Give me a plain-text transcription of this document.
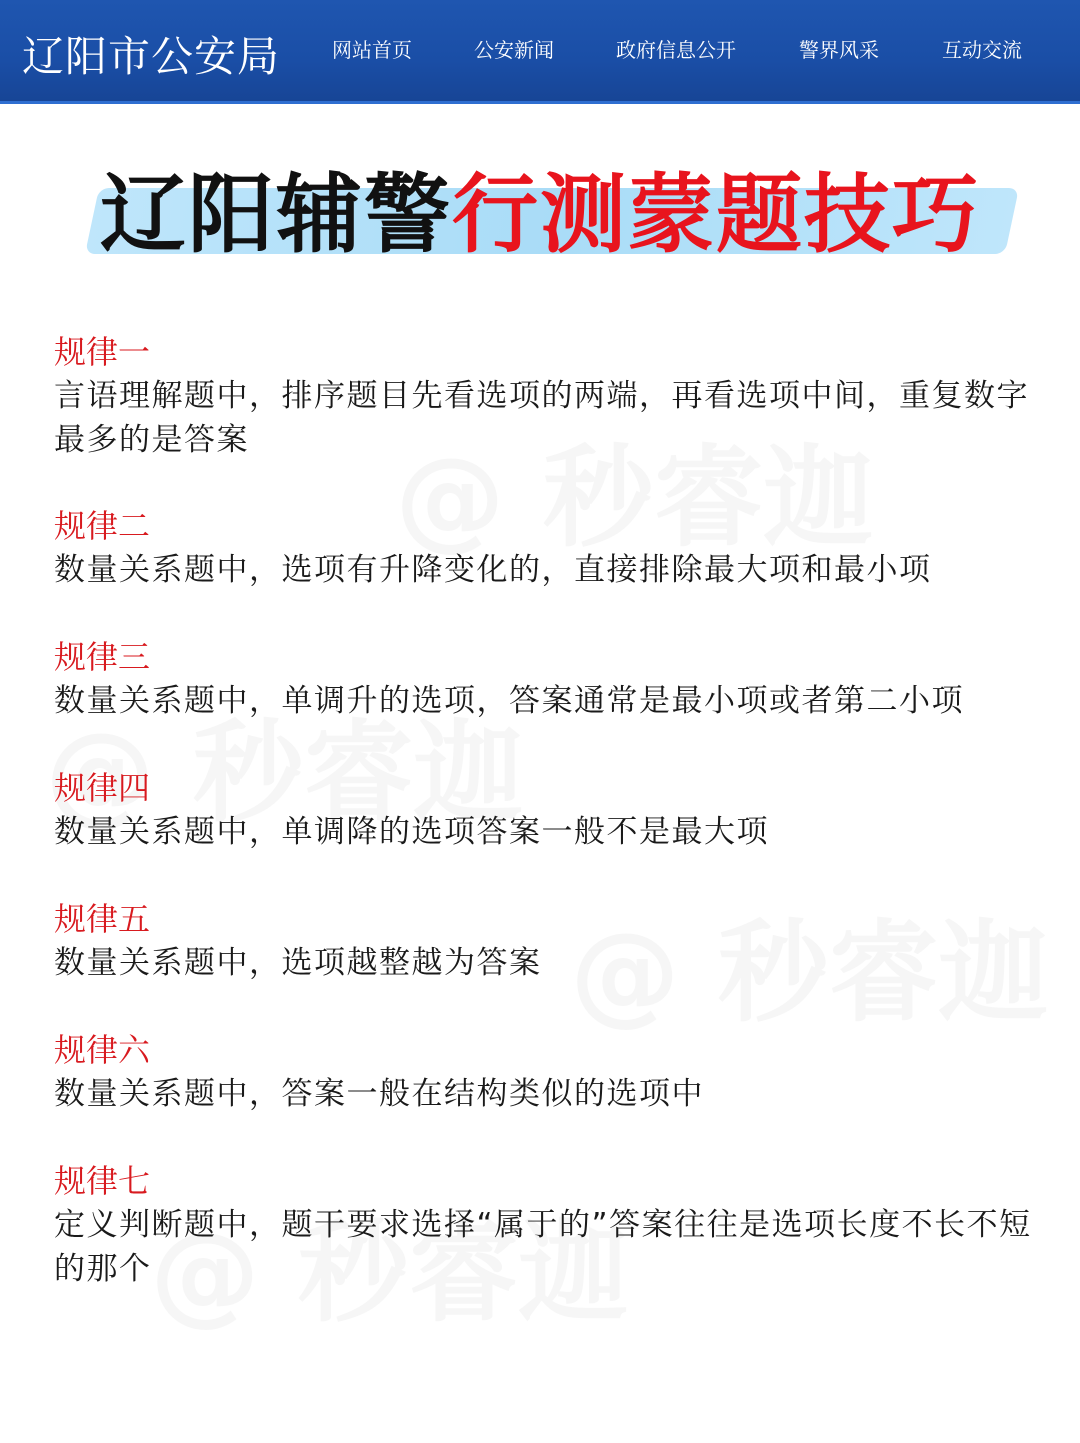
辽阳市公安局	网站首页	公安新闻	政府信息公开	警界风采	互动交流
辽阳辅警行测蒙题技巧
规律一
言语理解题中，排序题目先看选项的两端，再看选项中间，重复数字最多的是答案
规律二
数量关系题中，选项有升降变化的，直接排除最大项和最小项
规律三
数量关系题中，单调升的选项，答案通常是最小项或者第二小项
规律四
数量关系题中，单调降的选项答案一般不是最大项
规律五
数量关系题中，选项越整越为答案
规律六
数量关系题中，答案一般在结构类似的选项中
规律七
定义判断题中，题干要求选择“属于的”答案往往是选项长度不长不短的那个
